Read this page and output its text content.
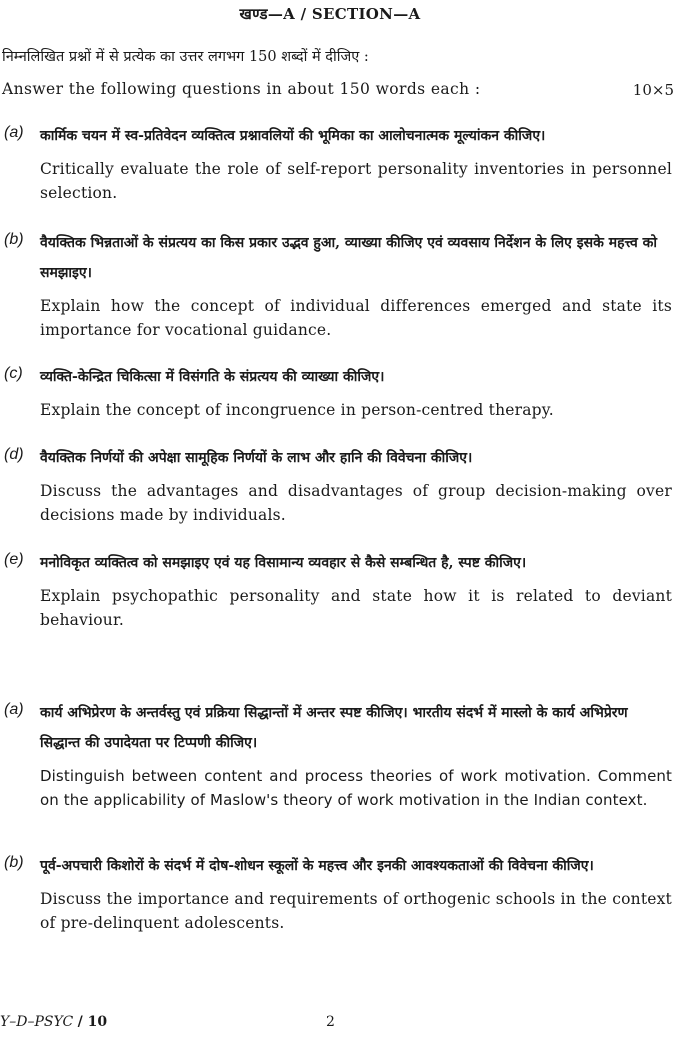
खण्ड—A / SECTION—A
निम्नलिखित प्रश्नों में से प्रत्येक का उत्तर लगभग 150 शब्दों में दीजिए :
Answer the following questions in about 150 words each :	10×5
(a) कार्मिक चयन में स्व-प्रतिवेदन व्यक्तित्व प्रश्नावलियों की भूमिका का आलोचनात्मक मूल्यांकन कीजिए।
Critically evaluate the role of self-report personality inventories in personnel selection.
(b) वैयक्तिक भिन्नताओं के संप्रत्यय का किस प्रकार उद्भव हुआ, व्याख्या कीजिए एवं व्यवसाय निर्देशन के लिए इसके महत्त्व को समझाइए।
Explain how the concept of individual differences emerged and state its importance for vocational guidance.
(c) व्यक्ति-केन्द्रित चिकित्सा में विसंगति के संप्रत्यय की व्याख्या कीजिए।
Explain the concept of incongruence in person-centred therapy.
(d) वैयक्तिक निर्णयों की अपेक्षा सामूहिक निर्णयों के लाभ और हानि की विवेचना कीजिए।
Discuss the advantages and disadvantages of group decision-making over decisions made by individuals.
(e) मनोविकृत व्यक्तित्व को समझाइए एवं यह विसामान्य व्यवहार से कैसे सम्बन्धित है, स्पष्ट कीजिए।
Explain psychopathic personality and state how it is related to deviant behaviour.
(a) कार्य अभिप्रेरण के अन्तर्वस्तु एवं प्रक्रिया सिद्धान्तों में अन्तर स्पष्ट कीजिए। भारतीय संदर्भ में मास्लो के कार्य अभिप्रेरण सिद्धान्त की उपादेयता पर टिप्पणी कीजिए।
Distinguish between content and process theories of work motivation. Comment on the applicability of Maslow's theory of work motivation in the Indian context.
(b) पूर्व-अपचारी किशोरों के संदर्भ में दोष-शोधन स्कूलों के महत्त्व और इनकी आवश्यकताओं की विवेचना कीजिए।
Discuss the importance and requirements of orthogenic schools in the context of pre-delinquent adolescents.
Y–D–PSYC / 10	2
